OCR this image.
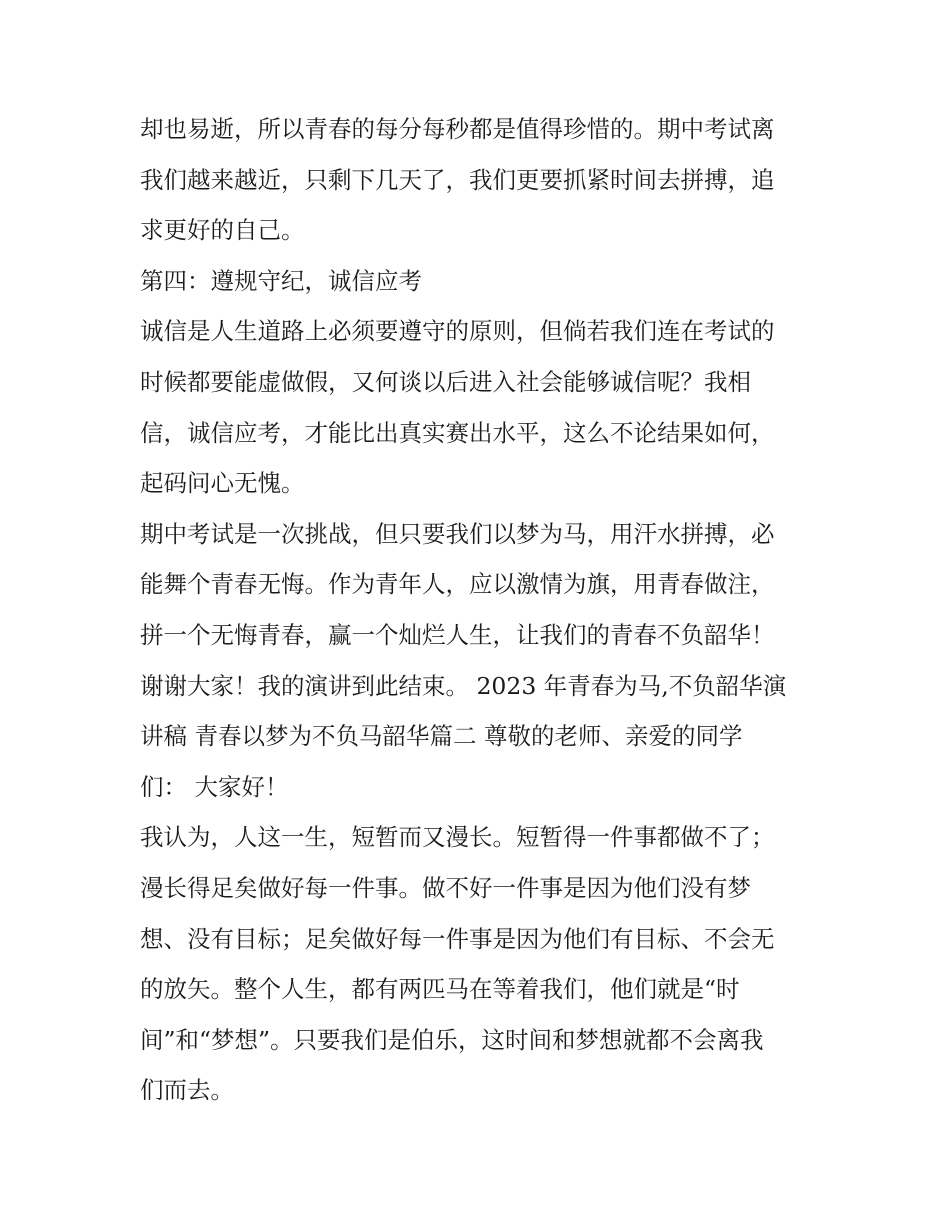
却也易逝，所以青春的每分每秒都是值得珍惜的。期中考试离
我们越来越近，只剩下几天了，我们更要抓紧时间去拼搏，追
求更好的自己。

第四：遵规守纪，诚信应考

诚信是人生道路上必须要遵守的原则，但倘若我们连在考试的
时候都要能虚做假，又何谈以后进入社会能够诚信呢？我相
信，诚信应考，才能比出真实赛出水平，这么不论结果如何，
起码问心无愧。

期中考试是一次挑战，但只要我们以梦为马，用汗水拼搏，必
能舞个青春无悔。作为青年人，应以激情为旗，用青春做注，
拼一个无悔青春，赢一个灿烂人生，让我们的青春不负韶华！
谢谢大家！我的演讲到此结束。 2023 年青春为马,不负韶华演
讲稿 青春以梦为不负马韶华篇二 尊敬的老师、亲爱的同学
们： 大家好！

我认为，人这一生，短暂而又漫长。短暂得一件事都做不了；
漫长得足矣做好每一件事。做不好一件事是因为他们没有梦
想、没有目标；足矣做好每一件事是因为他们有目标、不会无
的放矢。整个人生，都有两匹马在等着我们，他们就是“时
间”和“梦想”。只要我们是伯乐，这时间和梦想就都不会离我
们而去。
